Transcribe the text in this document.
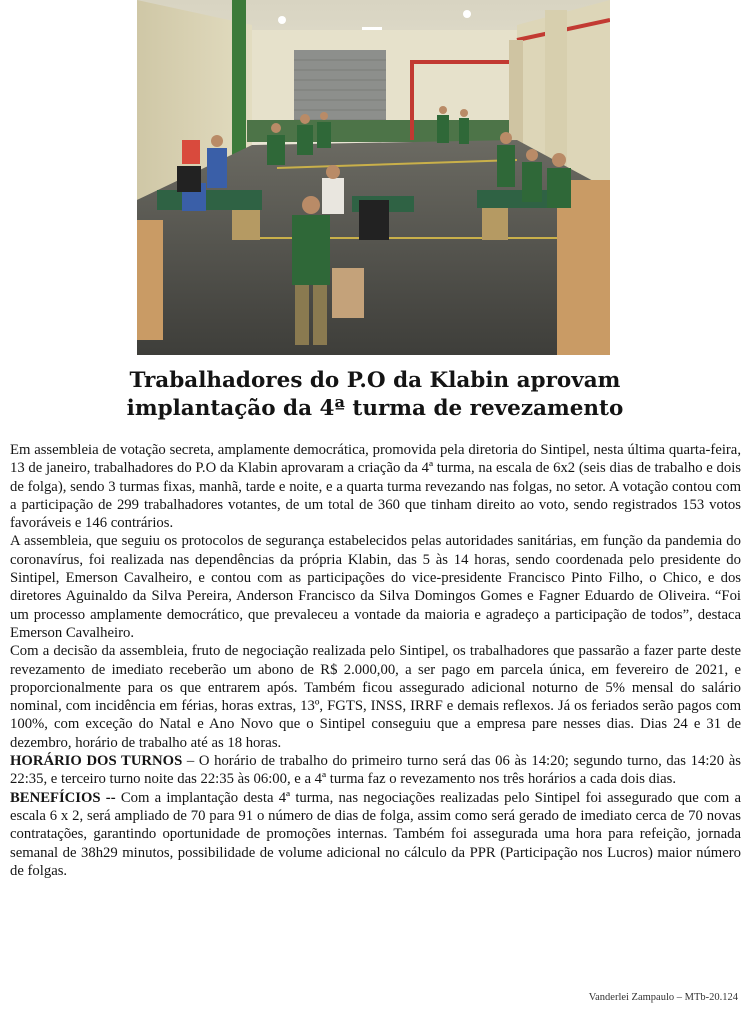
Trabalhadores do P.O da Klabin aprovam
implantação da 4ª turma de revezamento

Em assembleia de votação secreta, amplamente democrática, promovida pela diretoria do Sintipel, nesta última quarta-feira, 13 de janeiro, trabalhadores do P.O da Klabin aprovaram a criação da 4ª turma, na escala de 6x2 (seis dias de trabalho e dois de folga), sendo 3 turmas fixas, manhã, tarde e noite, e a quarta turma revezando nas folgas, no setor. A votação contou com a participação de 299 trabalhadores votantes, de um total de 360 que tinham direito ao voto, sendo registrados 153 votos favoráveis e 146 contrários.

A assembleia, que seguiu os protocolos de segurança estabelecidos pelas autoridades sanitárias, em função da pandemia do coronavírus, foi realizada nas dependências da própria Klabin, das 5 às 14 horas, sendo coordenada pelo presidente do Sintipel, Emerson Cavalheiro, e contou com as participações do vice-presidente Francisco Pinto Filho, o Chico, e dos diretores Aguinaldo da Silva Pereira, Anderson Francisco da Silva Domingos Gomes e Fagner Eduardo de Oliveira. “Foi um processo amplamente democrático, que prevaleceu a vontade da maioria e agradeço a participação de todos”, destaca Emerson Cavalheiro.

Com a decisão da assembleia, fruto de negociação realizada pelo Sintipel, os trabalhadores que passarão a fazer parte deste revezamento de imediato receberão um abono de R$ 2.000,00, a ser pago em parcela única, em fevereiro de 2021, e proporcionalmente para os que entrarem após. Também ficou assegurado adicional noturno de 5% mensal do salário nominal, com incidência em férias, horas extras, 13º, FGTS, INSS, IRRF e demais reflexos. Já os feriados serão pagos com 100%, com exceção do Natal e Ano Novo que o Sintipel conseguiu que a empresa pare nesses dias. Dias 24 e 31 de dezembro, horário de trabalho até as 18 horas.

HORÁRIO DOS TURNOS – O horário de trabalho do primeiro turno será das 06 às 14:20; segundo turno, das 14:20 às 22:35, e terceiro turno noite das 22:35 às 06:00, e a 4ª turma faz o revezamento nos três horários a cada dois dias.

BENEFÍCIOS -- Com a implantação desta 4ª turma, nas negociações realizadas pelo Sintipel foi assegurado que com a escala 6 x 2, será ampliado de 70 para 91 o número de dias de folga, assim como será gerado de imediato cerca de 70 novas contratações, garantindo oportunidade de promoções internas. Também foi assegurada uma hora para refeição, jornada semanal de 38h29 minutos, possibilidade de volume adicional no cálculo da PPR (Participação nos Lucros) maior número de folgas.

Vanderlei Zampaulo – MTb-20.124
